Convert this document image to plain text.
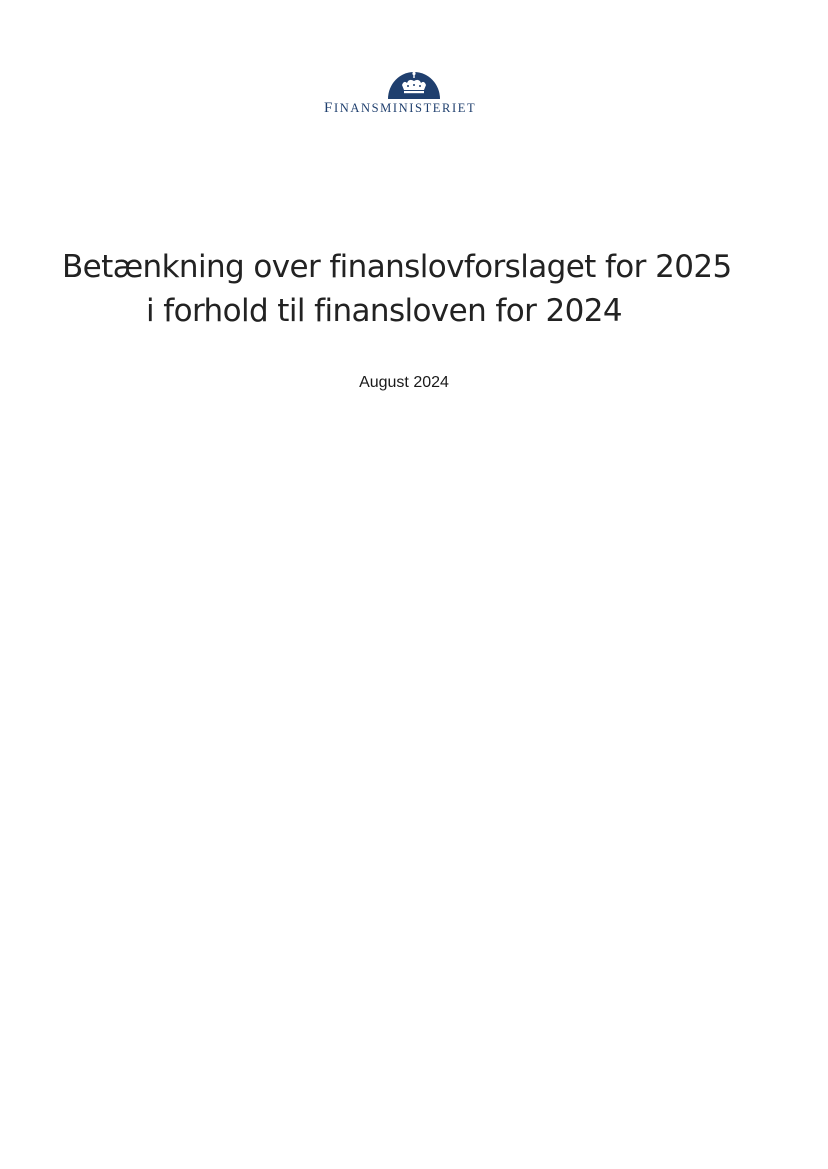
FINANSMINISTERIET
Betænkning over finanslovforslaget for 2025
i forhold til finansloven for 2024
August 2024
